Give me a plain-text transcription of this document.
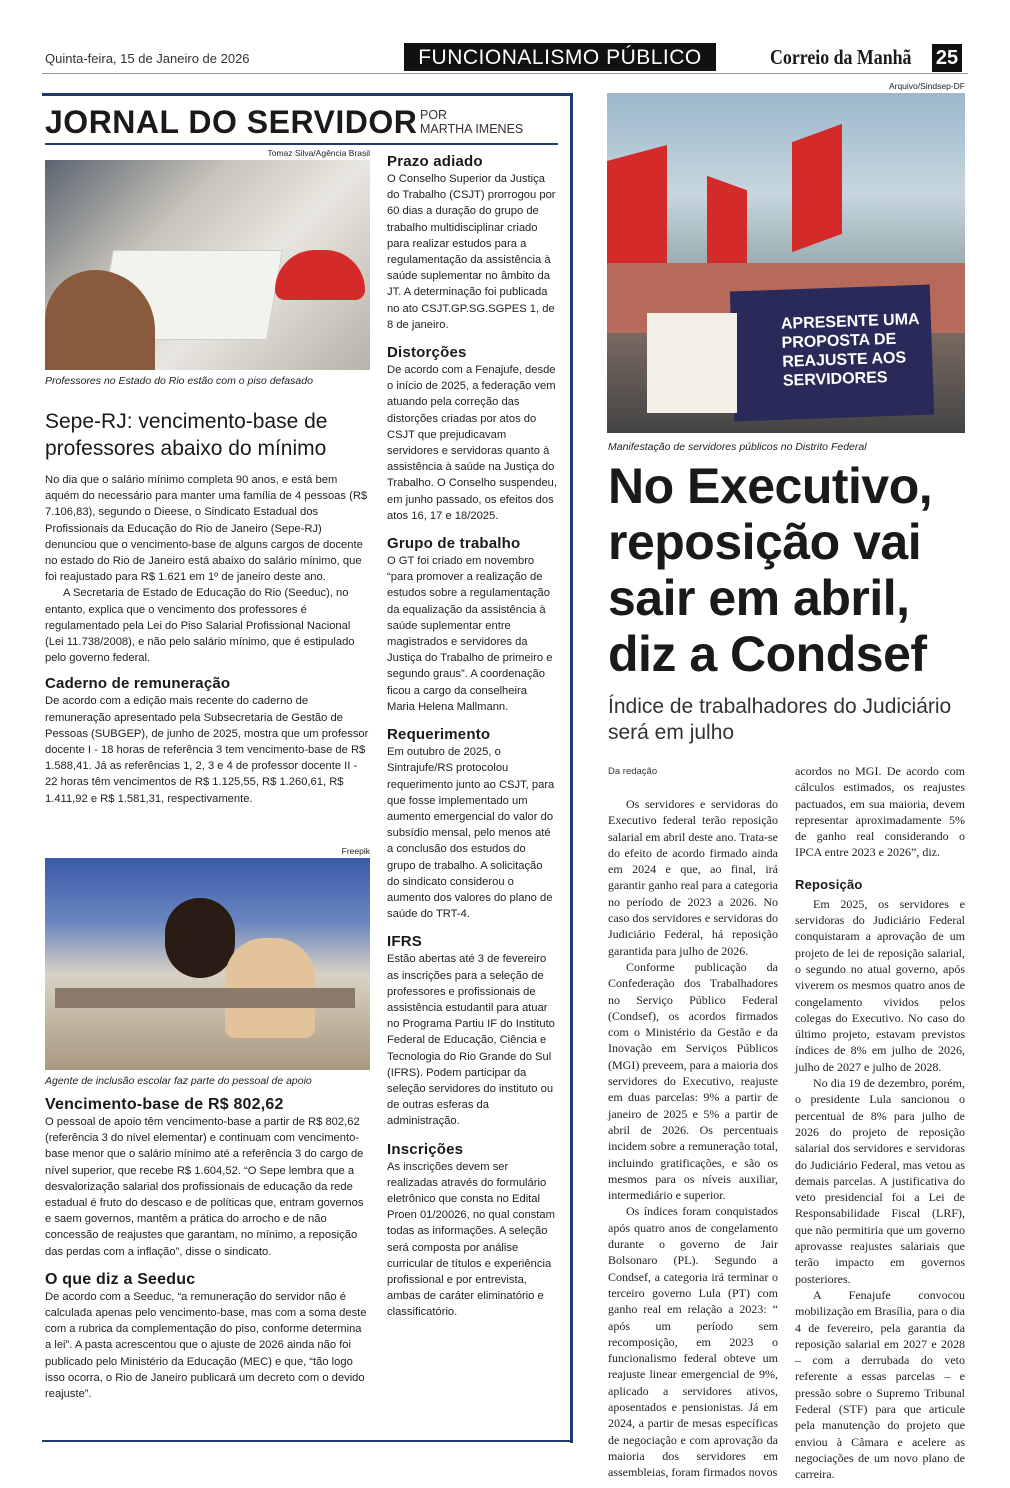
Quinta-feira, 15 de Janeiro de 2026	FUNCIONALISMO PÚBLICO	Correio da Manhã 25
JORNAL DO SERVIDOR POR
MARTHA IMENES
Tomaz Silva/Agência Brasil
Professores no Estado do Rio estão com o piso defasado
Sepe-RJ: vencimento-base de professores abaixo do mínimo

No dia que o salário mínimo completa 90 anos, e está bem aquém do necessário para manter uma família de 4 pessoas (R$ 7.106,83), segundo o Dieese, o Sindicato Estadual dos Profissionais da Educação do Rio de Janeiro (Sepe-RJ) denunciou que o vencimento-base de alguns cargos de docente no estado do Rio de Janeiro está abaixo do salário mínimo, que foi reajustado para R$ 1.621 em 1º de janeiro deste ano.

A Secretaria de Estado de Educação do Rio (Seeduc), no entanto, explica que o vencimento dos professores é regulamentado pela Lei do Piso Salarial Profissional Nacional (Lei 11.738/2008), e não pelo salário mínimo, que é estipulado pelo governo federal.

Caderno de remuneração

De acordo com a edição mais recente do caderno de remuneração apresentado pela Subsecretaria de Gestão de Pessoas (SUBGEP), de junho de 2025, mostra que um professor docente I - 18 horas de referência 3 tem vencimento-base de R$ 1.588,41. Já as referências 1, 2, 3 e 4 de professor docente II - 22 horas têm vencimentos de R$ 1.125,55, R$ 1.260,61, R$ 1.411,92 e R$ 1.581,31, respectivamente.

Freepik
Agente de inclusão escolar faz parte do pessoal de apoio
Vencimento-base de R$ 802,62

O pessoal de apoio têm vencimento-base a partir de R$ 802,62 (referência 3 do nível elementar) e continuam com vencimento-base menor que o salário mínimo até a referência 3 do cargo de nível superior, que recebe R$ 1.604,52. “O Sepe lembra que a desvalorização salarial dos profissionais de educação da rede estadual é fruto do descaso e de políticas que, entram governos e saem governos, mantêm a prática do arrocho e de não concessão de reajustes que garantam, no mínimo, a reposição das perdas com a inflação”, disse o sindicato.

O que diz a Seeduc

De acordo com a Seeduc, “a remuneração do servidor não é calculada apenas pelo vencimento-base, mas com a soma deste com a rubrica da complementação do piso, conforme determina a lei”. A pasta acrescentou que o ajuste de 2026 ainda não foi publicado pelo Ministério da Educação (MEC) e que, “tão logo isso ocorra, o Rio de Janeiro publicará um decreto com o devido reajuste”.

Prazo adiado

O Conselho Superior da Justiça do Trabalho (CSJT) prorrogou por 60 dias a duração do grupo de trabalho multidisciplinar criado para realizar estudos para a regulamentação da assistência à saúde suplementar no âmbito da JT. A determinação foi publicada no ato CSJT.GP.SG.SGPES 1, de 8 de janeiro.

Distorções

De acordo com a Fenajufe, desde o início de 2025, a federação vem atuando pela correção das distorções criadas por atos do CSJT que prejudicavam servidores e servidoras quanto à assistência à saúde na Justiça do Trabalho. O Conselho suspendeu, em junho passado, os efeitos dos atos 16, 17 e 18/2025.

Grupo de trabalho

O GT foi criado em novembro “para promover a realização de estudos sobre a regulamentação da equalização da assistência à saúde suplementar entre magistrados e servidores da Justiça do Trabalho de primeiro e segundo graus”. A coordenação ficou a cargo da conselheira Maria Helena Mallmann.

Requerimento

Em outubro de 2025, o Sintrajufe/RS protocolou requerimento junto ao CSJT, para que fosse implementado um aumento emergencial do valor do subsídio mensal, pelo menos até a conclusão dos estudos do grupo de trabalho. A solicitação do sindicato considerou o aumento dos valores do plano de saúde do TRT-4.

IFRS

Estão abertas até 3 de fevereiro as inscrições para a seleção de professores e profissionais de assistência estudantil para atuar no Programa Partiu IF do Instituto Federal de Educação, Ciência e Tecnologia do Rio Grande do Sul (IFRS). Podem participar da seleção servidores do instituto ou de outras esferas da administração.

Inscrições

As inscrições devem ser realizadas através do formulário eletrônico que consta no Edital Proen 01/20026, no qual constam todas as informações. A seleção será composta por análise curricular de títulos e experiência profissional e por entrevista, ambas de caráter eliminatório e classificatório.

Arquivo/Sindsep-DF
APRESENTE UMA PROPOSTA DE REAJUSTE AOS SERVIDORES
Manifestação de servidores públicos no Distrito Federal
No Executivo, reposição vai sair em abril, diz a Condsef
Índice de trabalhadores do Judiciário será em julho
Da redação

Os servidores e servidoras do Executivo federal terão reposição salarial em abril deste ano. Trata-se do efeito de acordo firmado ainda em 2024 e que, ao final, irá garantir ganho real para a categoria no período de 2023 a 2026. No caso dos servidores e servidoras do Judiciário Federal, há reposição garantida para julho de 2026.

Conforme publicação da Confederação dos Trabalhadores no Serviço Público Federal (Condsef), os acordos firmados com o Ministério da Gestão e da Inovação em Serviços Públicos (MGI) preveem, para a maioria dos servidores do Executivo, reajuste em duas parcelas: 9% a partir de janeiro de 2025 e 5% a partir de abril de 2026. Os percentuais incidem sobre a remuneração total, incluindo gratificações, e são os mesmos para os níveis auxiliar, intermediário e superior.

Os índices foram conquistados após quatro anos de congelamento durante o governo de Jair Bolsonaro (PL). Segundo a Condsef, a categoria irá terminar o terceiro governo Lula (PT) com ganho real em relação a 2023: “ após um período sem recomposição, em 2023 o funcionalismo federal obteve um reajuste linear emergencial de 9%, aplicado a servidores ativos, aposentados e pensionistas. Já em 2024, a partir de mesas específicas de negociação e com aprovação da maioria dos servidores em assembleias, foram firmados novos

acordos no MGI. De acordo com cálculos estimados, os reajustes pactuados, em sua maioria, devem representar aproximadamente 5% de ganho real considerando o IPCA entre 2023 e 2026”, diz.

Reposição

Em 2025, os servidores e servidoras do Judiciário Federal conquistaram a aprovação de um projeto de lei de reposição salarial, o segundo no atual governo, após viverem os mesmos quatro anos de congelamento vividos pelos colegas do Executivo. No caso do último projeto, estavam previstos índices de 8% em julho de 2026, julho de 2027 e julho de 2028.

No dia 19 de dezembro, porém, o presidente Lula sancionou o percentual de 8% para julho de 2026 do projeto de reposição salarial dos servidores e servidoras do Judiciário Federal, mas vetou as demais parcelas. A justificativa do veto presidencial foi a Lei de Responsabilidade Fiscal (LRF), que não permitiria que um governo aprovasse reajustes salariais que terão impacto em governos posteriores.

A Fenajufe convocou mobilização em Brasília, para o dia 4 de fevereiro, pela garantia da reposição salarial em 2027 e 2028 – com a derrubada do veto referente a essas parcelas – e pressão sobre o Supremo Tribunal Federal (STF) para que articule pela manutenção do projeto que enviou à Câmara e acelere as negociações de um novo plano de carreira.
